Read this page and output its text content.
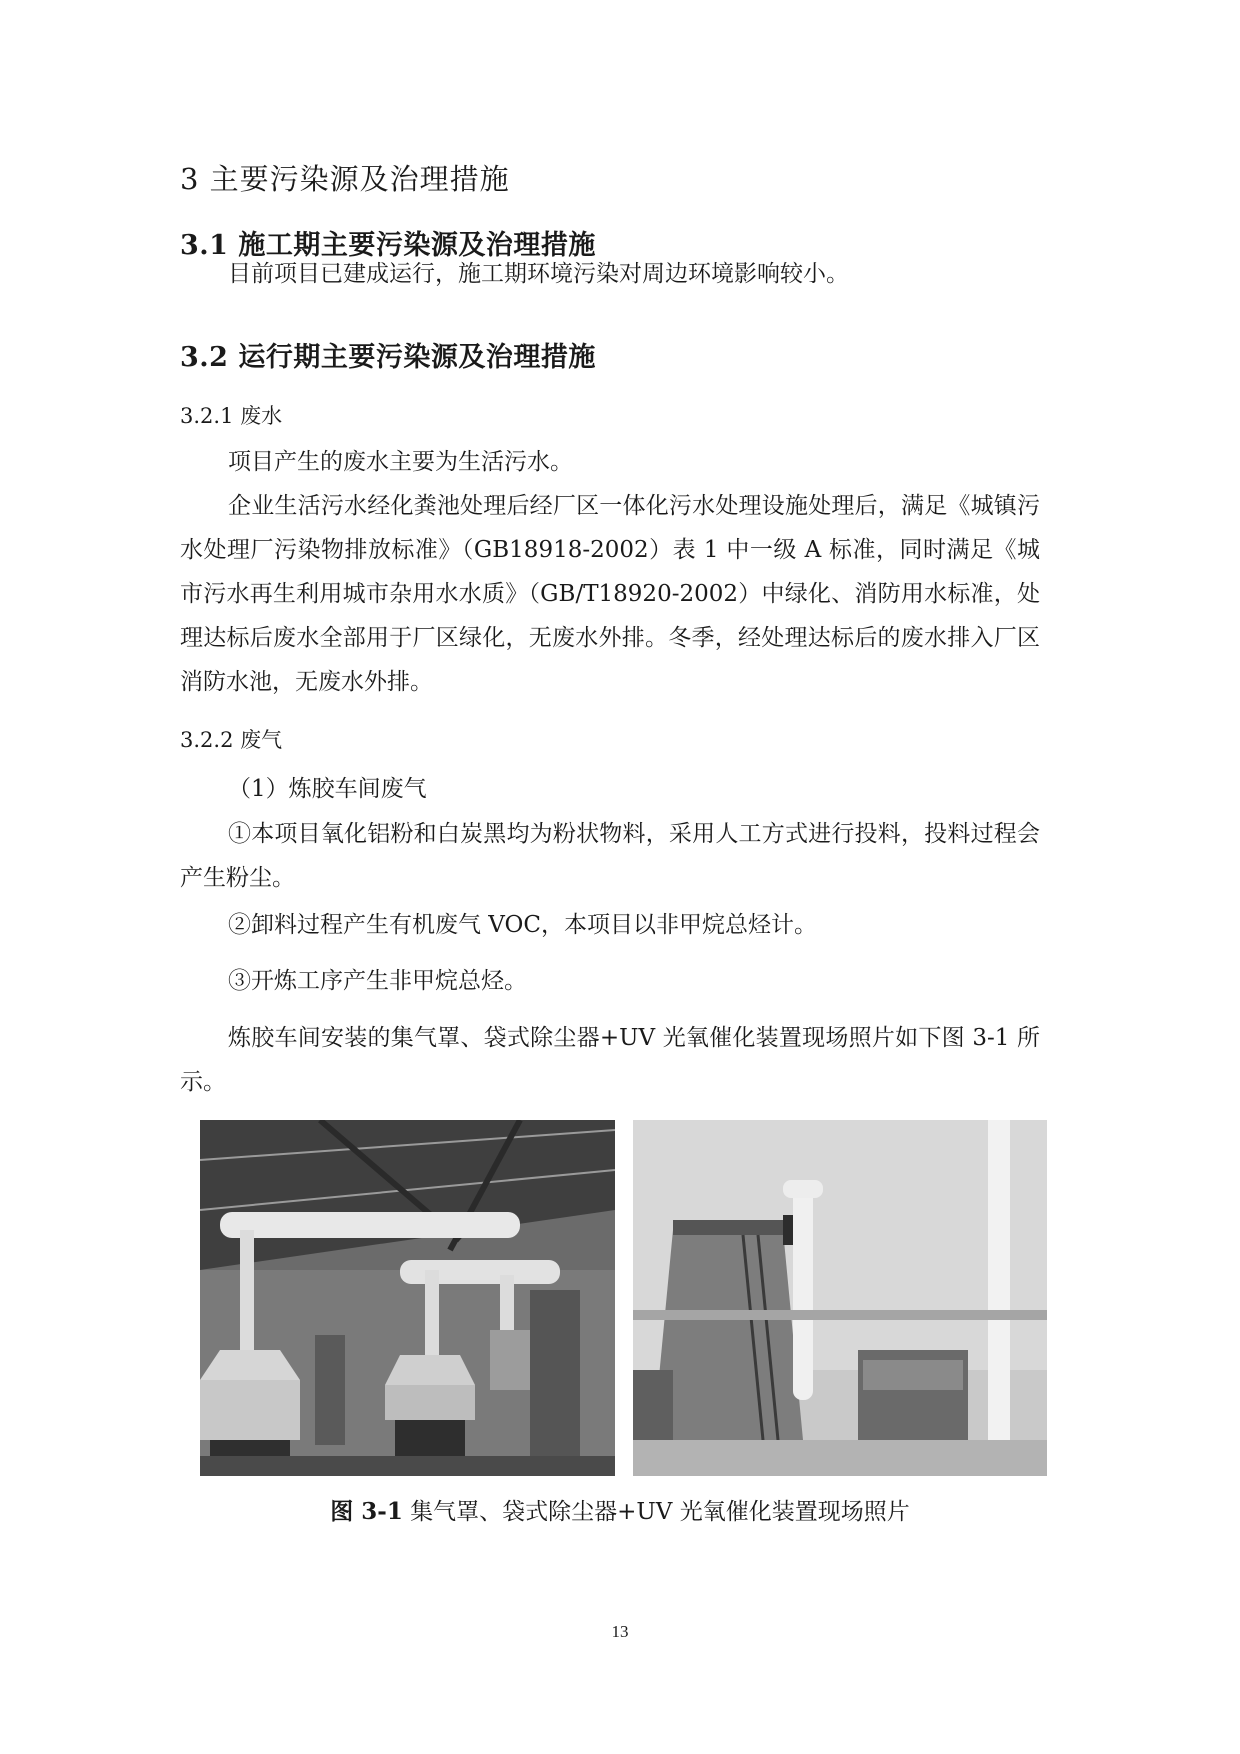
3 主要污染源及治理措施
3.1 施工期主要污染源及治理措施

目前项目已建成运行，施工期环境污染对周边环境影响较小。

3.2 运行期主要污染源及治理措施
3.2.1 废水

项目产生的废水主要为生活污水。

企业生活污水经化粪池处理后经厂区一体化污水处理设施处理后，满足《城镇污水处理厂污染物排放标准》（GB18918-2002）表 1 中一级 A 标准，同时满足《城市污水再生利用城市杂用水水质》（GB/T18920-2002）中绿化、消防用水标准，处理达标后废水全部用于厂区绿化，无废水外排。冬季，经处理达标后的废水排入厂区消防水池，无废水外排。

3.2.2 废气
（1）炼胶车间废气

①本项目氧化铝粉和白炭黑均为粉状物料，采用人工方式进行投料，投料过程会产生粉尘。

②卸料过程产生有机废气 VOC，本项目以非甲烷总烃计。

③开炼工序产生非甲烷总烃。

炼胶车间安装的集气罩、袋式除尘器+UV 光氧催化装置现场照片如下图 3-1 所示。

图 3-1 集气罩、袋式除尘器+UV 光氧催化装置现场照片
13
